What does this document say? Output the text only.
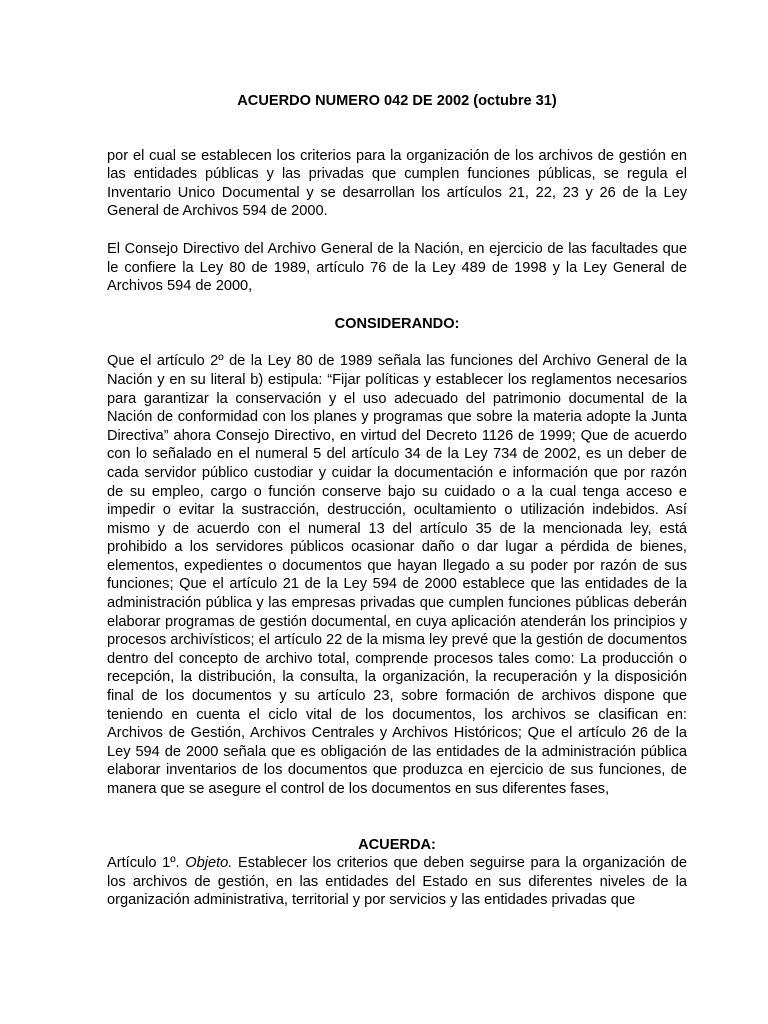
ACUERDO NUMERO 042 DE 2002 (octubre 31)

por el cual se establecen los criterios para la organización de los archivos de gestión en las entidades públicas y las privadas que cumplen funciones públicas, se regula el Inventario Unico Documental y se desarrollan los artículos 21, 22, 23 y 26 de la Ley General de Archivos 594 de 2000.

El Consejo Directivo del Archivo General de la Nación, en ejercicio de las facultades que le confiere la Ley 80 de 1989, artículo 76 de la Ley 489 de 1998 y la Ley General de Archivos 594 de 2000,

CONSIDERANDO:

Que el artículo 2º de la Ley 80 de 1989 señala las funciones del Archivo General de la Nación y en su literal b) estipula: “Fijar políticas y establecer los reglamentos necesarios para garantizar la conservación y el uso adecuado del patrimonio documental de la Nación de conformidad con los planes y programas que sobre la materia adopte la Junta Directiva” ahora Consejo Directivo, en virtud del Decreto 1126 de 1999; Que de acuerdo con lo señalado en el numeral 5 del artículo 34 de la Ley 734 de 2002, es un deber de cada servidor público custodiar y cuidar la documentación e información que por razón de su empleo, cargo o función conserve bajo su cuidado o a la cual tenga acceso e impedir o evitar la sustracción, destrucción, ocultamiento o utilización indebidos. Así mismo y de acuerdo con el numeral 13 del artículo 35 de la mencionada ley, está prohibido a los servidores públicos ocasionar daño o dar lugar a pérdida de bienes, elementos, expedientes o documentos que hayan llegado a su poder por razón de sus funciones; Que el artículo 21 de la Ley 594 de 2000 establece que las entidades de la administración pública y las empresas privadas que cumplen funciones públicas deberán elaborar programas de gestión documental, en cuya aplicación atenderán los principios y procesos archivísticos; el artículo 22 de la misma ley prevé que la gestión de documentos dentro del concepto de archivo total, comprende procesos tales como: La producción o recepción, la distribución, la consulta, la organización, la recuperación y la disposición final de los documentos y su artículo 23, sobre formación de archivos dispone que teniendo en cuenta el ciclo vital de los documentos, los archivos se clasifican en: Archivos de Gestión, Archivos Centrales y Archivos Históricos; Que el artículo 26 de la Ley 594 de 2000 señala que es obligación de las entidades de la administración pública elaborar inventarios de los documentos que produzca en ejercicio de sus funciones, de manera que se asegure el control de los documentos en sus diferentes fases,

ACUERDA:

Artículo 1º. Objeto. Establecer los criterios que deben seguirse para la organización de los archivos de gestión, en las entidades del Estado en sus diferentes niveles de la organización administrativa, territorial y por servicios y las entidades privadas que
